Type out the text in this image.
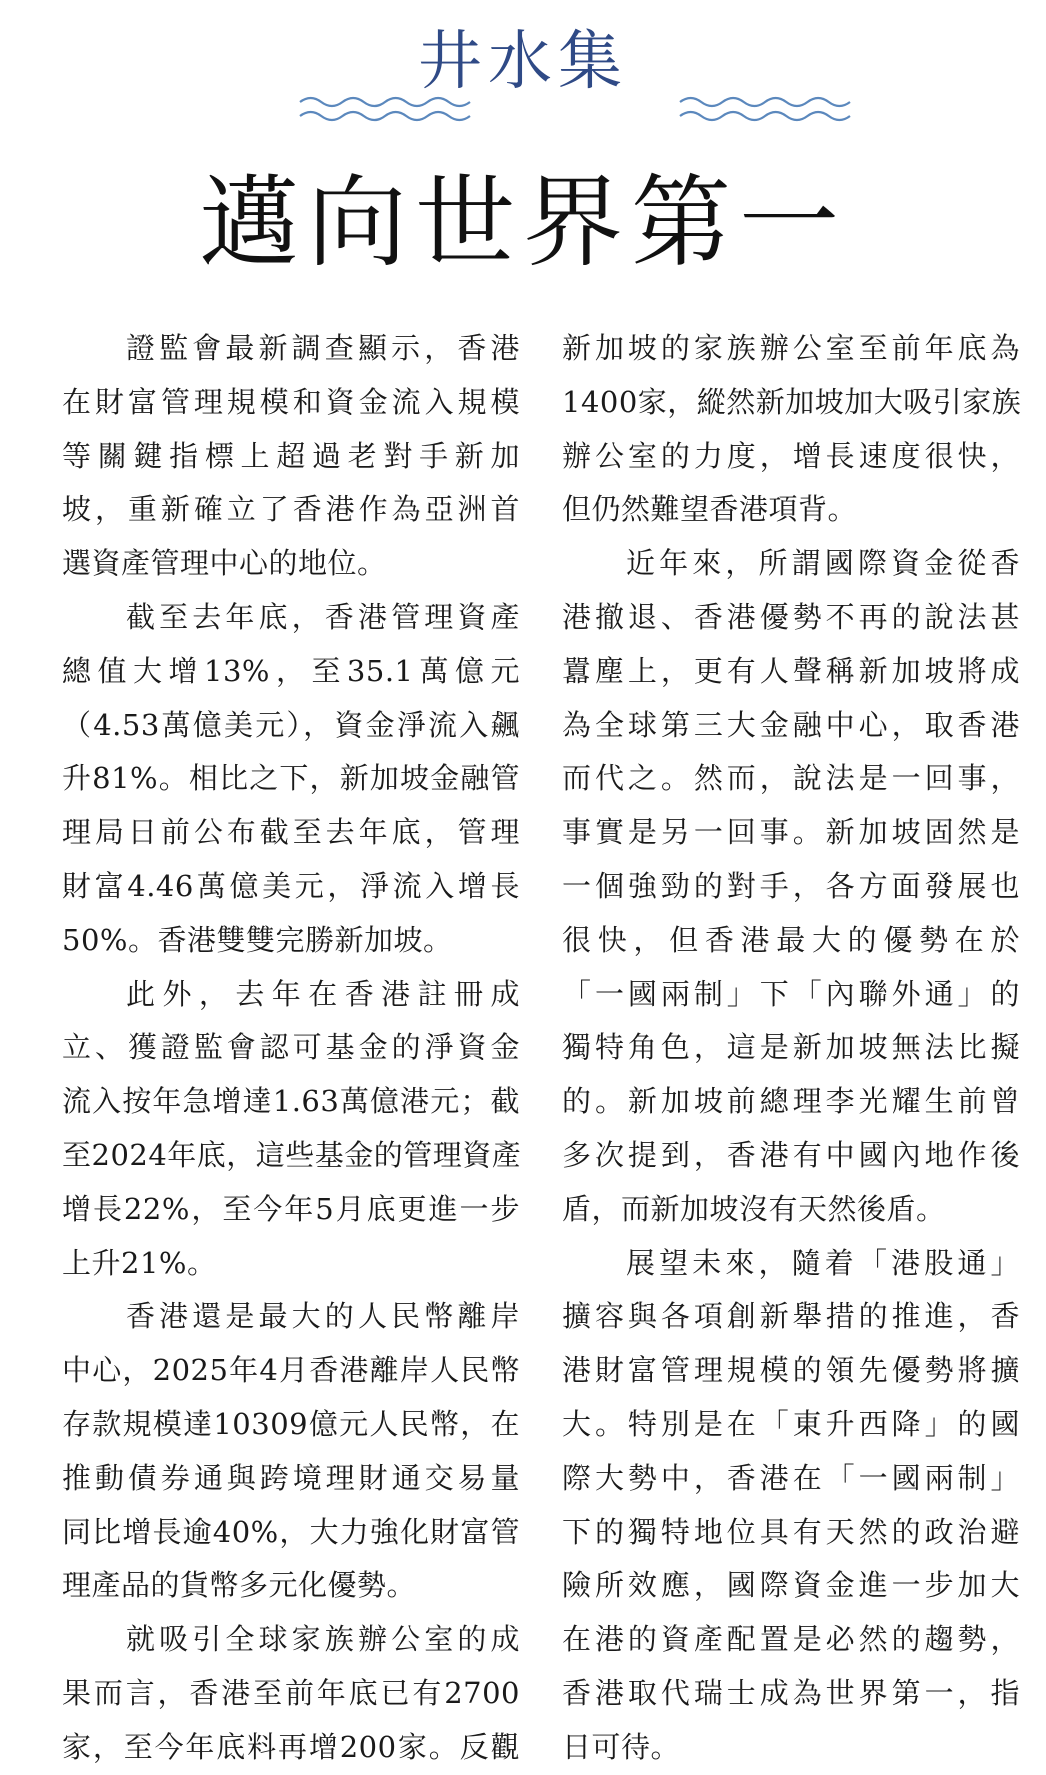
井水集
邁向世界第一
證監會最新調查顯示，香港
在財富管理規模和資金流入規模
等關鍵指標上超過老對手新加
坡，重新確立了香港作為亞洲首
選資產管理中心的地位。
截至去年底，香港管理資產
總值大增13%，至35.1萬億元
（4.53萬億美元），資金淨流入飆
升81%。相比之下，新加坡金融管
理局日前公布截至去年底，管理
財富4.46萬億美元，淨流入增長
50%。香港雙雙完勝新加坡。
此外，去年在香港註冊成
立、獲證監會認可基金的淨資金
流入按年急增達1.63萬億港元；截
至2024年底，這些基金的管理資產
增長22%，至今年5月底更進一步
上升21%。
香港還是最大的人民幣離岸
中心，2025年4月香港離岸人民幣
存款規模達10309億元人民幣，在
推動債券通與跨境理財通交易量
同比增長逾40%，大力強化財富管
理產品的貨幣多元化優勢。
就吸引全球家族辦公室的成
果而言，香港至前年底已有2700
家，至今年底料再增200家。反觀
新加坡的家族辦公室至前年底為
1400家，縱然新加坡加大吸引家族
辦公室的力度，增長速度很快，
但仍然難望香港項背。
近年來，所謂國際資金從香
港撤退、香港優勢不再的說法甚
囂塵上，更有人聲稱新加坡將成
為全球第三大金融中心，取香港
而代之。然而，說法是一回事，
事實是另一回事。新加坡固然是
一個強勁的對手，各方面發展也
很快，但香港最大的優勢在於
「一國兩制」下「內聯外通」的
獨特角色，這是新加坡無法比擬
的。新加坡前總理李光耀生前曾
多次提到，香港有中國內地作後
盾，而新加坡沒有天然後盾。
展望未來，隨着「港股通」
擴容與各項創新舉措的推進，香
港財富管理規模的領先優勢將擴
大。特別是在「東升西降」的國
際大勢中，香港在「一國兩制」
下的獨特地位具有天然的政治避
險所效應，國際資金進一步加大
在港的資產配置是必然的趨勢，
香港取代瑞士成為世界第一，指
日可待。
